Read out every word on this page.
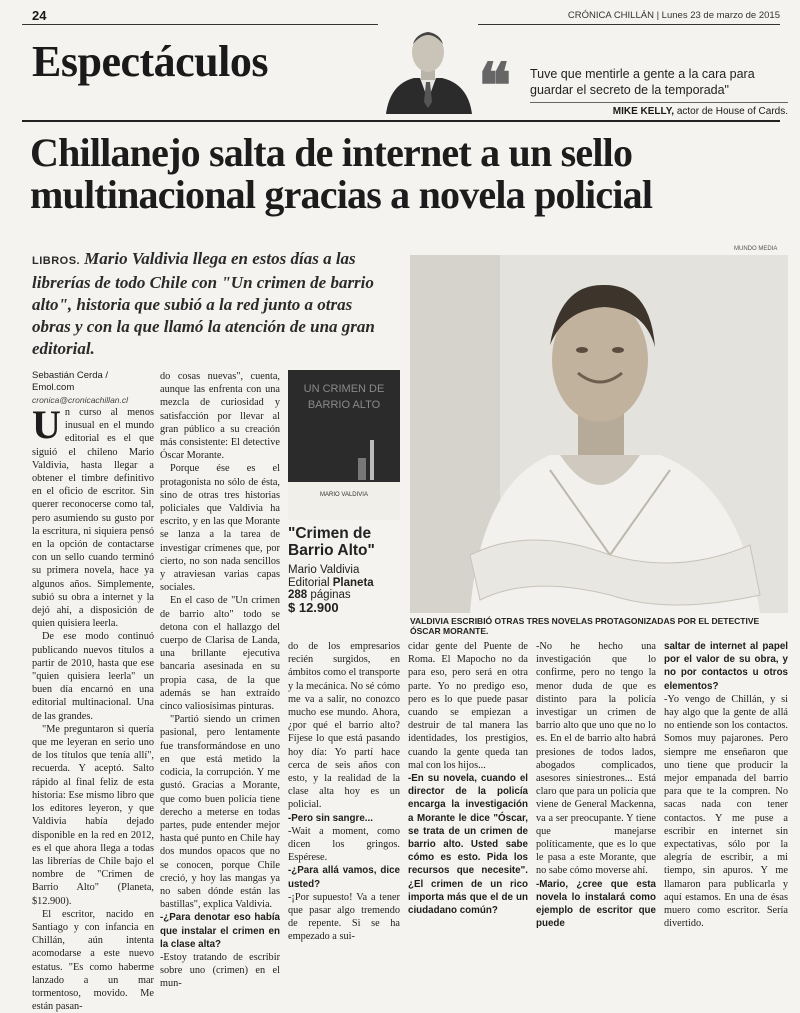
24	CRÓNICA CHILLÁN | Lunes 23 de marzo de 2015
Espectáculos	❝ Tuve que mentirle a gente a la cara para guardar el secreto de la temporada"
MIKE KELLY, actor de House of Cards.
Chillanejo salta de internet a un sello multinacional gracias a novela policial
LIBROS. Mario Valdivia llega en estos días a las librerías de todo Chile con "Un crimen de barrio alto", historia que subió a la red junto a otras obras y con la que llamó la atención de una gran editorial.
MUNDO MEDIA
VALDIVIA ESCRIBIÓ OTRAS TRES NOVELAS PROTAGONIZADAS POR EL DETECTIVE ÓSCAR MORANTE.
Sebastián Cerda / Emol.com
cronica@cronicachillan.cl

Un curso al menos inusual en el mundo editorial es el que siguió el chileno Mario Valdivia, hasta llegar a obtener el timbre definitivo en el oficio de escritor. Sin querer reconocerse como tal, pero asumiendo su gusto por la escritura, ni siquiera pensó en la opción de contactarse con un sello cuando terminó su primera novela, hace ya algunos años. Simplemente, subió su obra a internet y la dejó ahí, a disposición de quien quisiera leerla.

De ese modo continuó publicando nuevos títulos a partir de 2010, hasta que ese "quien quisiera leerla" un buen día encarnó en una editorial multinacional. Una de las grandes.

"Me preguntaron si quería que me leyeran en serio uno de los títulos que tenía allí", recuerda. Y aceptó. Salto rápido al final feliz de esta historia: Ese mismo libro que los editores leyeron, y que Valdivia había dejado disponible en la red en 2012, es el que ahora llega a todas las librerías de Chile bajo el nombre de "Crimen de Barrio Alto" (Planeta, $12.900).

El escritor, nacido en Santiago y con infancia en Chillán, aún intenta acomodarse a este nuevo estatus. "Es como haberme lanzado a un mar tormentoso, movido. Me están pasan-

do cosas nuevas", cuenta, aunque las enfrenta con una mezcla de curiosidad y satisfacción por llevar al gran público a su creación más consistente: El detective Óscar Morante.

Porque ése es el protagonista no sólo de ésta, sino de otras tres historias policiales que Valdivia ha escrito, y en las que Morante se lanza a la tarea de investigar crímenes que, por cierto, no son nada sencillos y atraviesan varias capas sociales.

En el caso de "Un crimen de barrio alto" todo se detona con el hallazgo del cuerpo de Clarisa de Landa, una brillante ejecutiva bancaria asesinada en su propia casa, de la que además se han extraído cinco valiosísimas pinturas.

"Partió siendo un crimen pasional, pero lentamente fue transformándose en uno en que está metido la codicia, la corrupción. Y me gustó. Gracias a Morante, que como buen policía tiene derecho a meterse en todas partes, pude entender mejor hasta qué punto en Chile hay dos mundos opacos que no se conocen, porque Chile creció, y hoy las mangas ya no saben dónde están las bastillas", explica Valdivia.

-¿Para denotar eso había que instalar el crimen en la clase alta?

-Estoy tratando de escribir sobre uno (crimen) en el mun-

UN CRIMEN DE
BARRIO ALTO
MARIO VALDIVIA
"Crimen de Barrio Alto"
Mario Valdivia
Editorial Planeta
288 páginas
$ 12.900

do de los empresarios recién surgidos, en ámbitos como el transporte y la mecánica. No sé cómo me va a salir, no conozco mucho ese mundo. Ahora, ¿por qué el barrio alto? Fíjese lo que está pasando hoy día: Yo partí hace cerca de seis años con esto, y la realidad de la clase alta hoy es un policial.

-Pero sin sangre...

-Wait a moment, como dicen los gringos. Espérese.

-¿Para allá vamos, dice usted?

-¡Por supuesto! Va a tener que pasar algo tremendo de repente. Si se ha empezado a sui-

cidar gente del Puente de Roma. El Mapocho no da para eso, pero será en otra parte. Yo no predigo eso, pero es lo que puede pasar cuando se empiezan a destruir de tal manera las identidades, los prestigios, cuando la gente queda tan mal con los hijos...

-En su novela, cuando el director de la policía encarga la investigación a Morante le dice "Óscar, se trata de un crimen de barrio alto. Usted sabe cómo es esto. Pida los recursos que necesite". ¿El crimen de un rico importa más que el de un ciudadano común?

-No he hecho una investigación que lo confirme, pero no tengo la menor duda de que es distinto para la policía investigar un crimen de barrio alto que uno que no lo es. En el de barrio alto habrá presiones de todos lados, abogados complicados, asesores siniestrones... Está claro que para un policía que viene de General Mackenna, va a ser preocupante. Y tiene que manejarse políticamente, que es lo que le pasa a este Morante, que no sabe cómo moverse ahí.

-Mario, ¿cree que esta novela lo instalará como ejemplo de escritor que puede

saltar de internet al papel por el valor de su obra, y no por contactos u otros elementos?

-Yo vengo de Chillán, y si hay algo que la gente de allá no entiende son los contactos. Somos muy pajarones. Pero siempre me enseñaron que uno tiene que producir la mejor empanada del barrio para que te la compren. No sacas nada con tener contactos. Y me puse a escribir en internet sin expectativas, sólo por la alegría de escribir, a mi tiempo, sin apuros. Y me llamaron para publicarla y aquí estamos. En una de ésas muero como escritor. Sería divertido.
